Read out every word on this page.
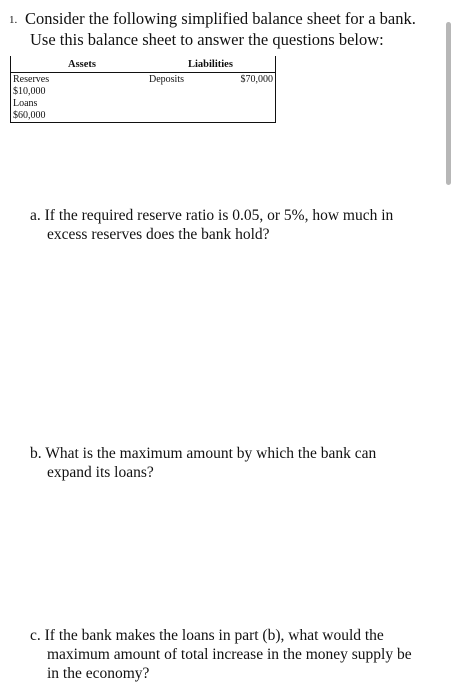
1. Consider the following simplified balance sheet for a bank.
Use this balance sheet to answer the questions below:
Assets	Liabilities
Reserves
$10,000
Loans
$60,000
Deposits	$70,000
a. If the required reserve ratio is 0.05, or 5%, how much in
excess reserves does the bank hold?
b. What is the maximum amount by which the bank can
expand its loans?
c. If the bank makes the loans in part (b), what would the
maximum amount of total increase in the money supply be
in the economy?
